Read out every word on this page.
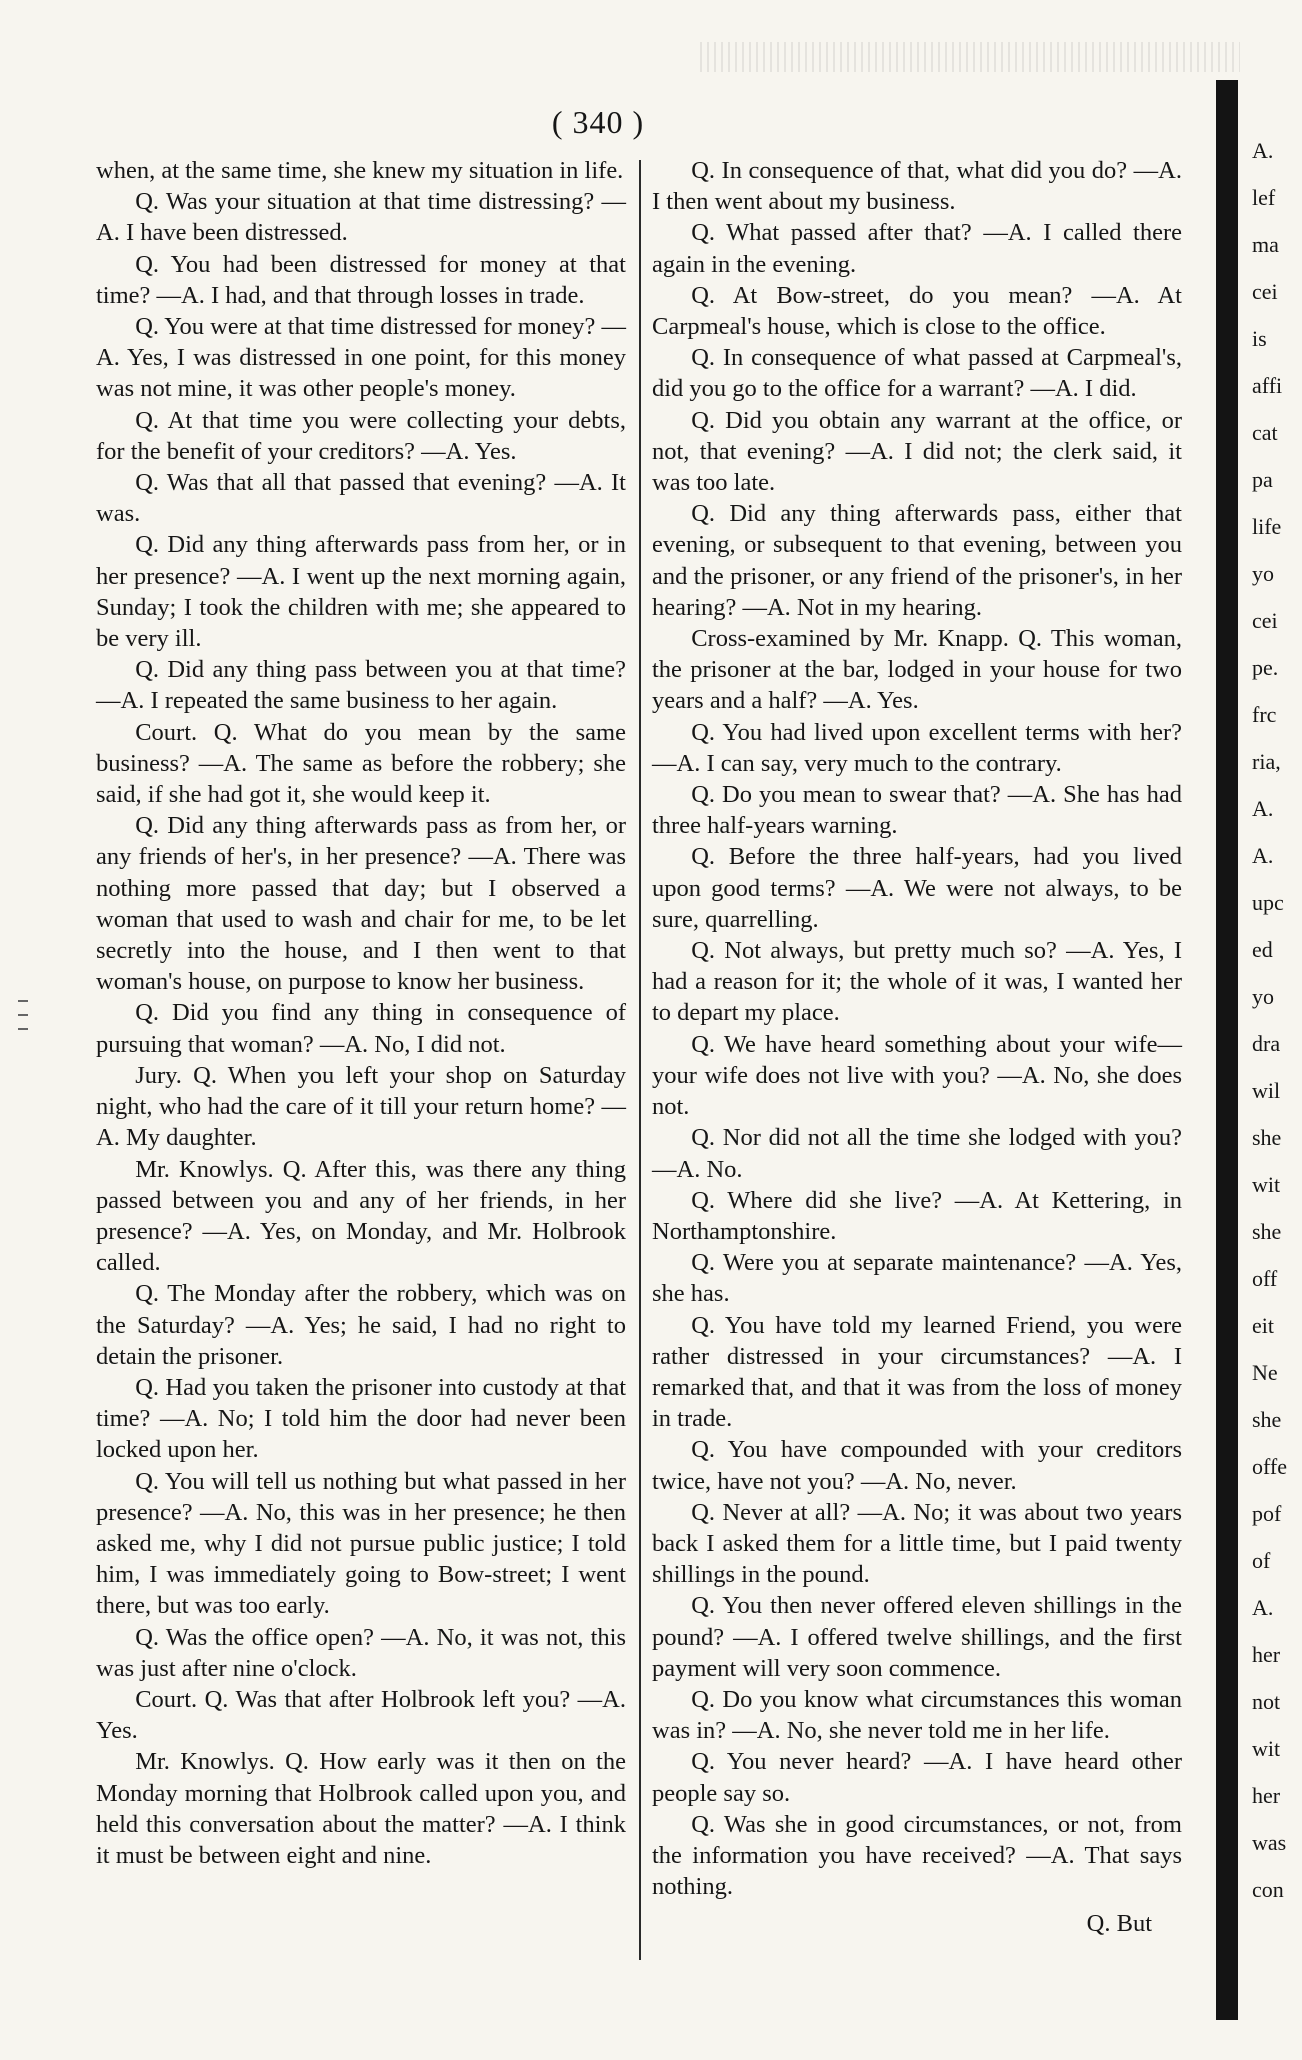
( 340 )

when, at the same time, she knew my situation in life.

Q. Was your situation at that time distressing? —A. I have been distressed.

Q. You had been distressed for money at that time? —A. I had, and that through losses in trade.

Q. You were at that time distressed for money? —A. Yes, I was distressed in one point, for this money was not mine, it was other people's money.

Q. At that time you were collecting your debts, for the benefit of your creditors? —A. Yes.

Q. Was that all that passed that evening? —A. It was.

Q. Did any thing afterwards pass from her, or in her presence? —A. I went up the next morning again, Sunday; I took the children with me; she appeared to be very ill.

Q. Did any thing pass between you at that time? —A. I repeated the same business to her again.

Court. Q. What do you mean by the same business? —A. The same as before the robbery; she said, if she had got it, she would keep it.

Q. Did any thing afterwards pass as from her, or any friends of her's, in her presence? —A. There was nothing more passed that day; but I observed a woman that used to wash and chair for me, to be let secretly into the house, and I then went to that woman's house, on purpose to know her business.

Q. Did you find any thing in consequence of pursuing that woman? —A. No, I did not.

Jury. Q. When you left your shop on Saturday night, who had the care of it till your return home? —A. My daughter.

Mr. Knowlys. Q. After this, was there any thing passed between you and any of her friends, in her presence? —A. Yes, on Monday, and Mr. Holbrook called.

Q. The Monday after the robbery, which was on the Saturday? —A. Yes; he said, I had no right to detain the prisoner.

Q. Had you taken the prisoner into custody at that time? —A. No; I told him the door had never been locked upon her.

Q. You will tell us nothing but what passed in her presence? —A. No, this was in her presence; he then asked me, why I did not pursue public justice; I told him, I was immediately going to Bow-street; I went there, but was too early.

Q. Was the office open? —A. No, it was not, this was just after nine o'clock.

Court. Q. Was that after Holbrook left you? —A. Yes.

Mr. Knowlys. Q. How early was it then on the Monday morning that Holbrook called upon you, and held this conversation about the matter? —A. I think it must be between eight and nine.

Q. In consequence of that, what did you do? —A. I then went about my business.

Q. What passed after that? —A. I called there again in the evening.

Q. At Bow-street, do you mean? —A. At Carpmeal's house, which is close to the office.

Q. In consequence of what passed at Carpmeal's, did you go to the office for a warrant? —A. I did.

Q. Did you obtain any warrant at the office, or not, that evening? —A. I did not; the clerk said, it was too late.

Q. Did any thing afterwards pass, either that evening, or subsequent to that evening, between you and the prisoner, or any friend of the prisoner's, in her hearing? —A. Not in my hearing.

Cross-examined by Mr. Knapp. Q. This woman, the prisoner at the bar, lodged in your house for two years and a half? —A. Yes.

Q. You had lived upon excellent terms with her? —A. I can say, very much to the contrary.

Q. Do you mean to swear that? —A. She has had three half-years warning.

Q. Before the three half-years, had you lived upon good terms? —A. We were not always, to be sure, quarrelling.

Q. Not always, but pretty much so? —A. Yes, I had a reason for it; the whole of it was, I wanted her to depart my place.

Q. We have heard something about your wife—your wife does not live with you? —A. No, she does not.

Q. Nor did not all the time she lodged with you? —A. No.

Q. Where did she live? —A. At Kettering, in Northamptonshire.

Q. Were you at separate maintenance? —A. Yes, she has.

Q. You have told my learned Friend, you were rather distressed in your circumstances? —A. I remarked that, and that it was from the loss of money in trade.

Q. You have compounded with your creditors twice, have not you? —A. No, never.

Q. Never at all? —A. No; it was about two years back I asked them for a little time, but I paid twenty shillings in the pound.

Q. You then never offered eleven shillings in the pound? —A. I offered twelve shillings, and the first payment will very soon commence.

Q. Do you know what circumstances this woman was in? —A. No, she never told me in her life.

Q. You never heard? —A. I have heard other people say so.

Q. Was she in good circumstances, or not, from the information you have received? —A. That says nothing.

Q. But

A.
lef
ma
cei
is
affi
cat
pa
life
yo
cei
pe.
frc
ria,
A.
A.
upc
ed
yo
dra
wil
she
wit
she
off
eit
Ne
she
offe
pof
of
A.
her
not
wit
her
was
con
